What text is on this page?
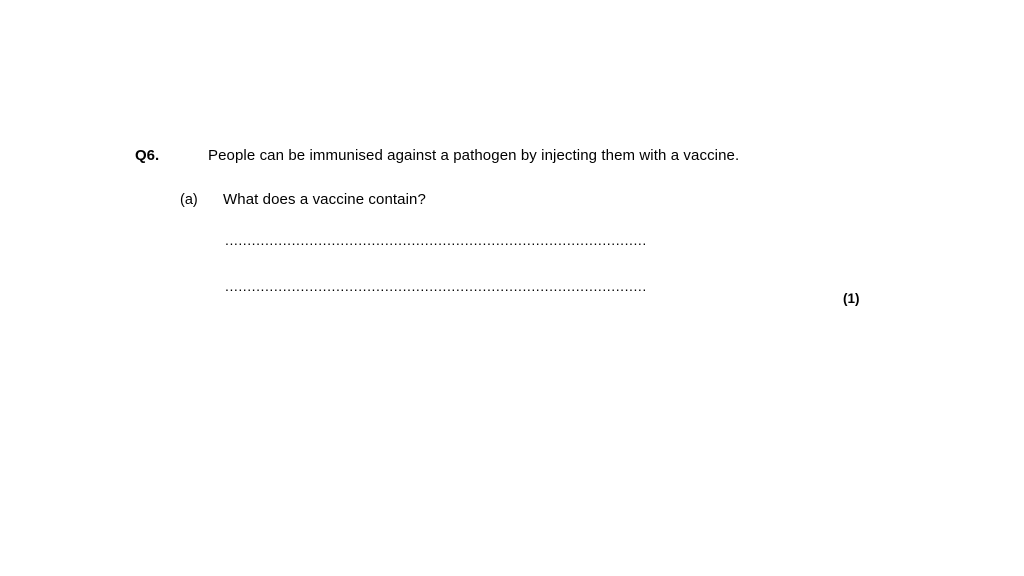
Q6.	People can be immunised against a pathogen by injecting them with a vaccine.
(a)	What does a vaccine contain?
...............................................................................................
...............................................................................................
(1)
